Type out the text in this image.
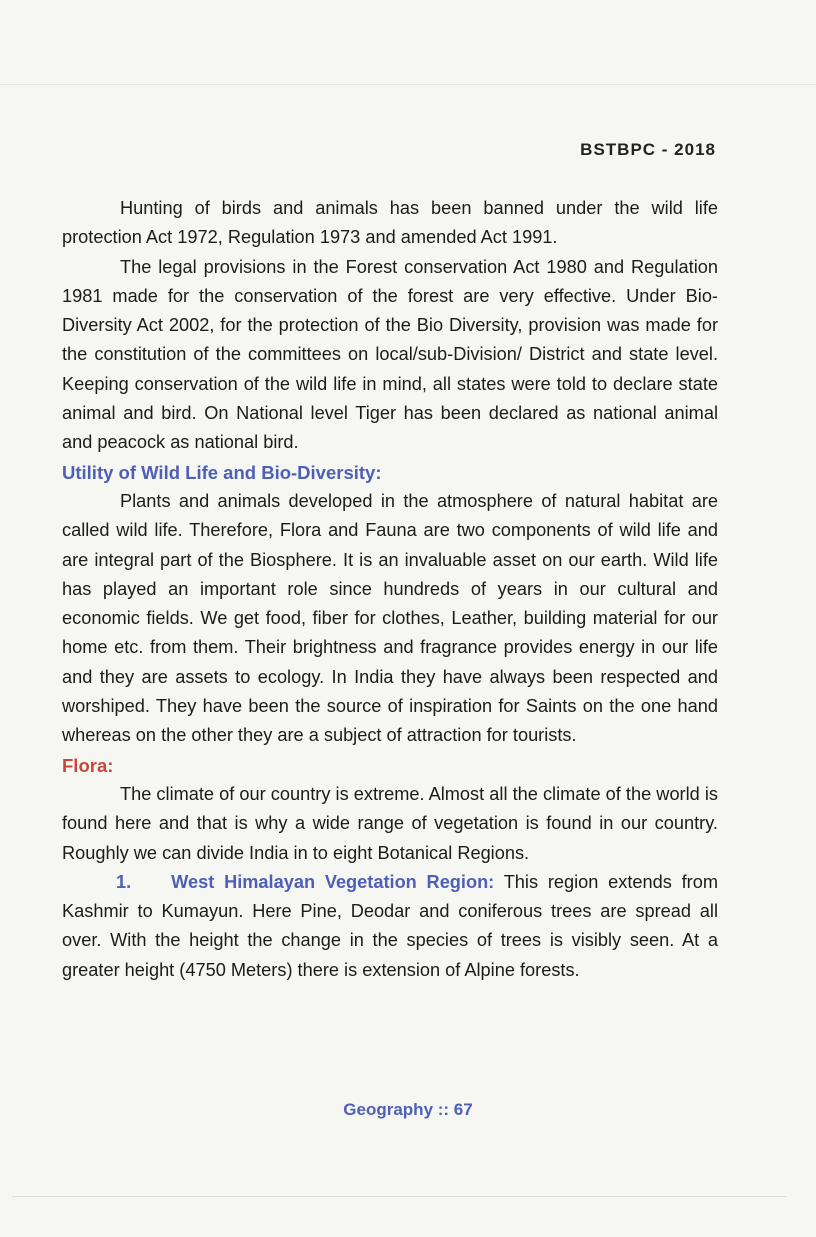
BSTBPC - 2018

Hunting of birds and animals has been banned under the wild life protection Act 1972, Regulation 1973 and amended Act 1991.

The legal provisions in the Forest conservation Act 1980 and Regulation 1981 made for the conservation of the forest are very effective. Under Bio- Diversity Act 2002, for the protection of the Bio Diversity, provision was made for the constitution of the committees on local/sub-Division/ District and state level. Keeping conservation of the wild life in mind, all states were told to declare state animal and bird. On National level Tiger has been declared as national animal and peacock as national bird.

Utility of Wild Life and Bio-Diversity:

Plants and animals developed in the atmosphere of natural habitat are called wild life. Therefore, Flora and Fauna are two components of wild life and are integral part of the Biosphere. It is an invaluable asset on our earth. Wild life has played an important role since hundreds of years in our cultural and economic fields. We get food, fiber for clothes, Leather, building material for our home etc. from them. Their brightness and fragrance provides energy in our life and they are assets to ecology. In India they have always been respected and worshiped. They have been the source of inspiration for Saints on the one hand whereas on the other they are a subject of attraction for tourists.

Flora:

The climate of our country is extreme. Almost all the climate of the world is found here and that is why a wide range of vegetation is found in our country. Roughly we can divide India in to eight Botanical Regions.

1. West Himalayan Vegetation Region: This region extends from Kashmir to Kumayun. Here Pine, Deodar and coniferous trees are spread all over. With the height the change in the species of trees is visibly seen. At a greater height (4750 Meters) there is extension of Alpine forests.

Geography :: 67
